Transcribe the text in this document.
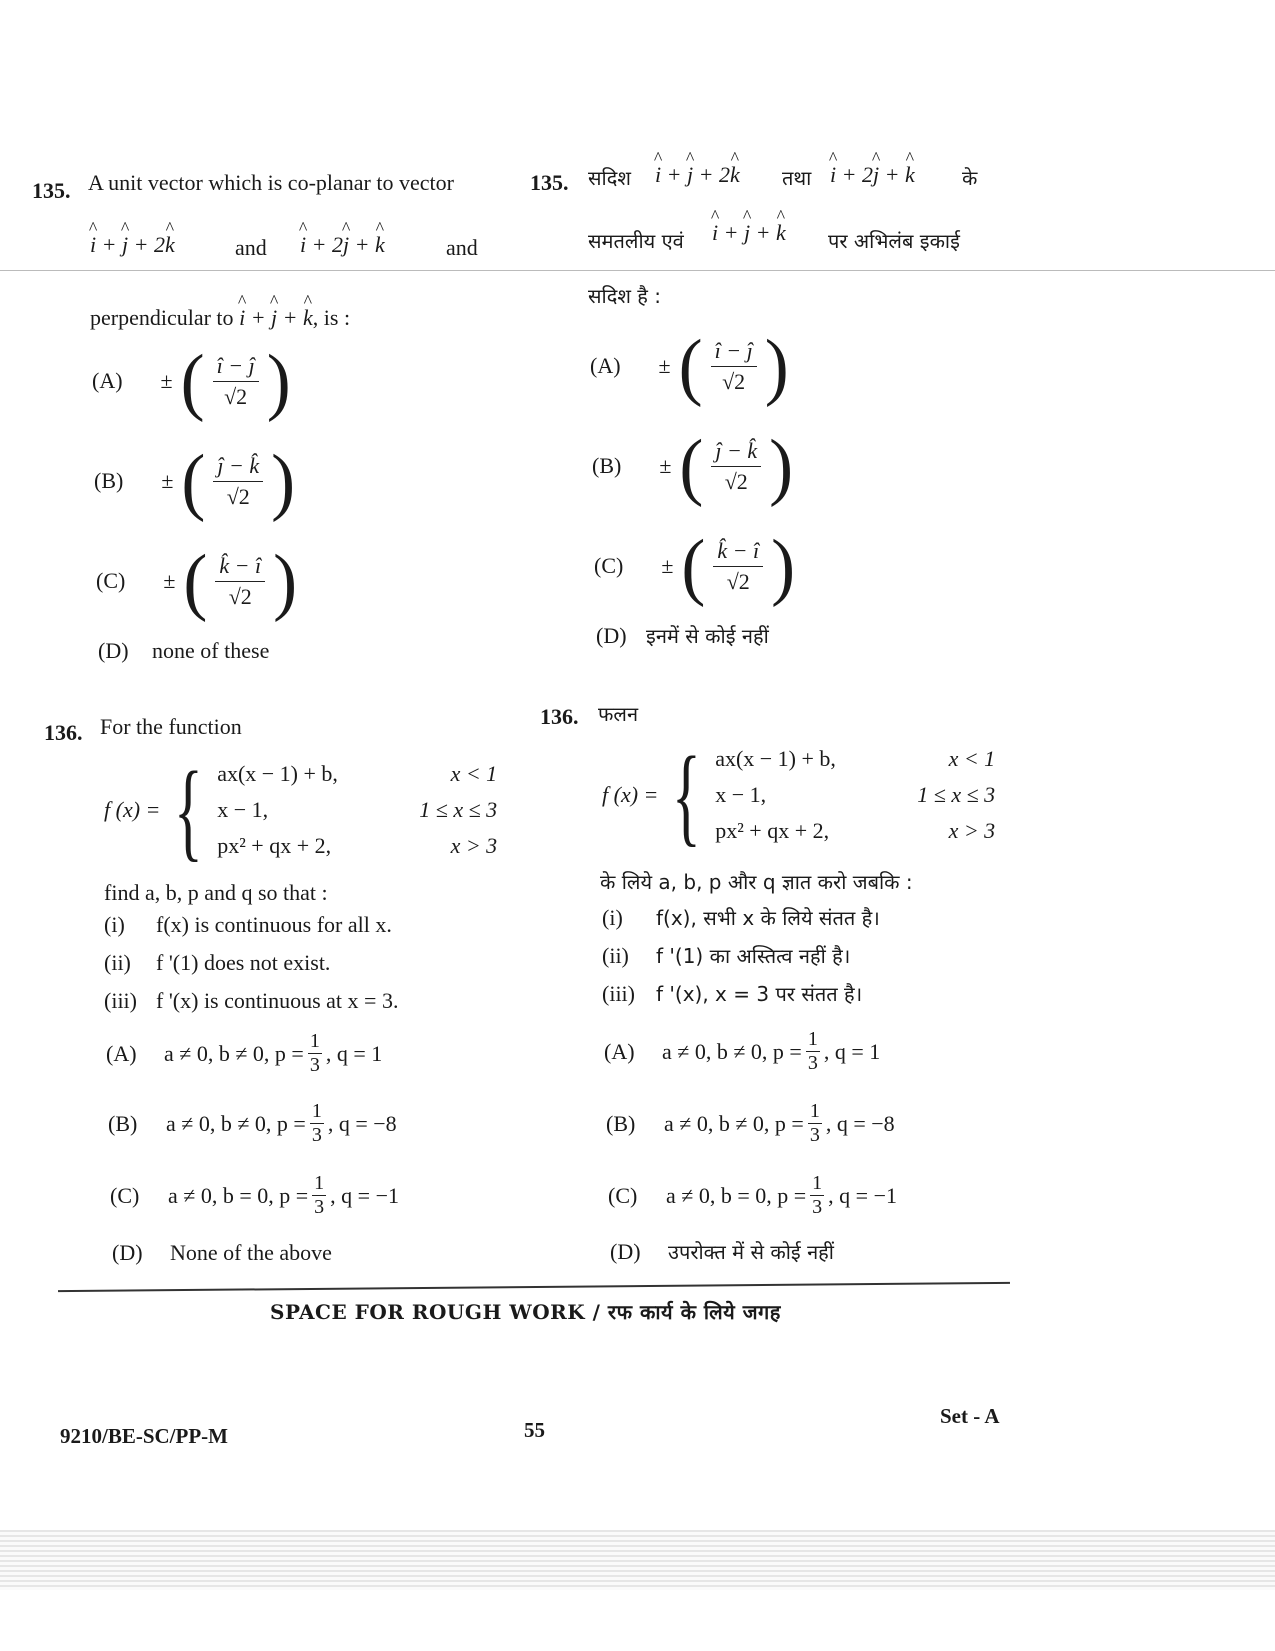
135. A unit vector which is co-planar to vector
^ i + ^ j + 2^ k	and ^ i + 2^ j + ^ k	and
perpendicular to ^ i + ^ j + ^ k, is :
(A) ± ( $\frac{î - ĵ}{√2}$ )
(B) ± ( $\frac{ĵ - k̂}{√2}$ )
(C) ± ( $\frac{k̂ - î}{√2}$ )
(D) none of these
135. सदिश ^ i + ^ j + 2^ k तथा ^ i + 2^ j + ^ k के
समतलीय एवं ^ i + ^ j + ^ k पर अभिलंब इकाई
सदिश है :
(A) ± ( $\frac{î - ĵ}{√2}$ )
(B) ± ( $\frac{ĵ - k̂}{√2}$ )
(C) ± ( $\frac{k̂ - î}{√2}$ )
(D) इनमें से कोई नहीं
136. For the function
f (x) = { ax(x − 1) + b,	x < 1
x − 1,	1 ≤ x ≤ 3
px² + qx + 2,	x > 3
find a, b, p and q so that :
(i) f(x) is continuous for all x.
(ii) f '(1) does not exist.
(iii) f '(x) is continuous at x = 3.
(A)	a ≠ 0, b ≠ 0, $p = \frac{1}{3}$ , q = 1
(B)	a ≠ 0, b ≠ 0, $p = \frac{1}{3}$ , q = −8
(C)	a ≠ 0, b = 0, $p = \frac{1}{3}$ , q = −1
(D) None of the above
136. फलन
f (x) = { ax(x − 1) + b,	x < 1
x − 1,	1 ≤ x ≤ 3
px² + qx + 2,	x > 3
के लिये a, b, p और q ज्ञात करो जबकि :
(i) f(x), सभी x के लिये संतत है।
(ii) f '(1) का अस्तित्व नहीं है।
(iii) f '(x), x = 3 पर संतत है।
(A)	a ≠ 0, b ≠ 0, $p = \frac{1}{3}$ , q = 1
(B)	a ≠ 0, b ≠ 0, $p = \frac{1}{3}$ , q = −8
(C)	a ≠ 0, b = 0, $p = \frac{1}{3}$ , q = −1
(D) उपरोक्त में से कोई नहीं
SPACE FOR ROUGH WORK / रफ कार्य के लिये जगह
9210/BE-SC/PP-M	55
Set - A
